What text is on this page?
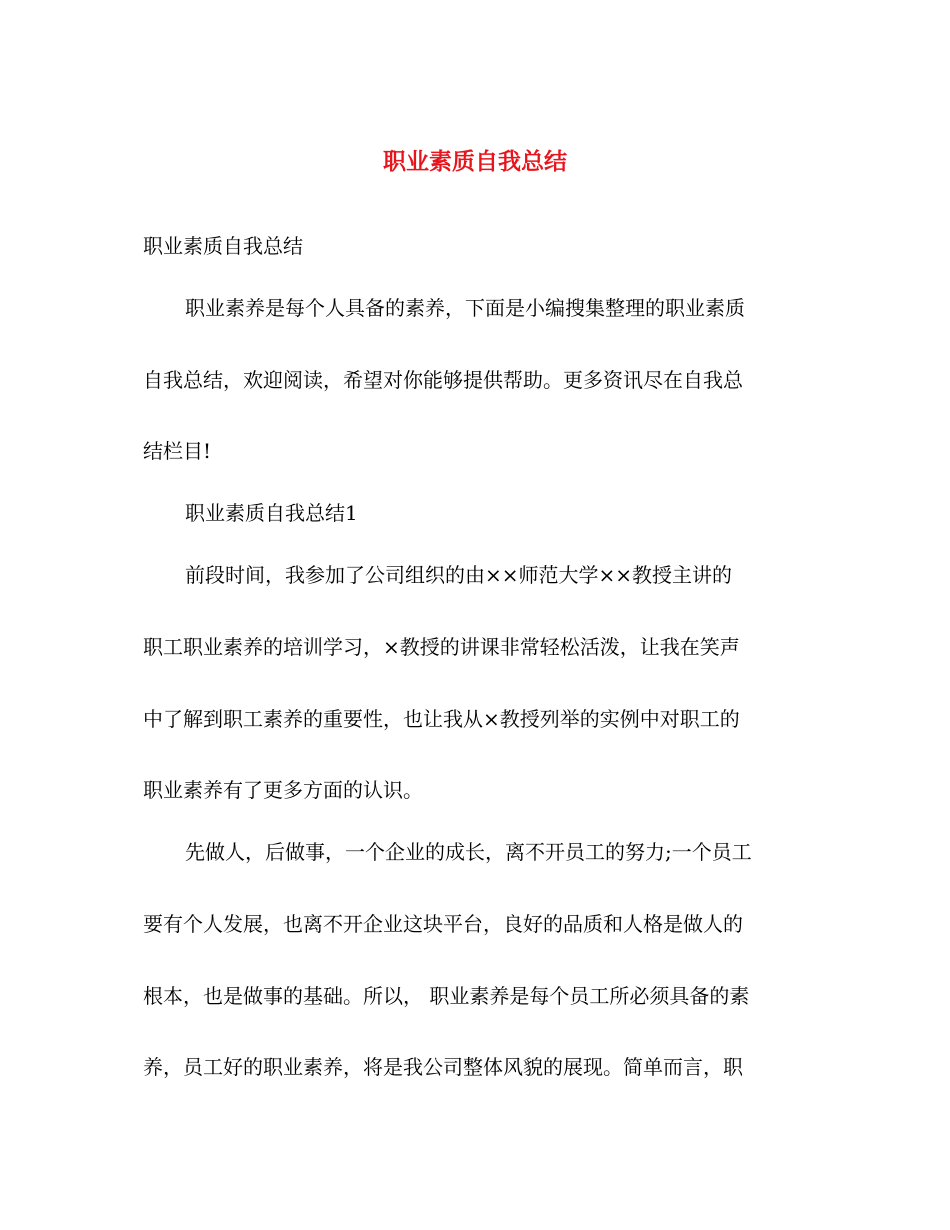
职业素质自我总结
职业素质自我总结
职业素养是每个人具备的素养，下面是小编搜集整理的职业素质
自我总结，欢迎阅读，希望对你能够提供帮助。更多资讯尽在自我总
结栏目!
职业素质自我总结1
前段时间，我参加了公司组织的由××师范大学××教授主讲的
职工职业素养的培训学习，×教授的讲课非常轻松活泼，让我在笑声
中了解到职工素养的重要性，也让我从×教授列举的实例中对职工的
职业素养有了更多方面的认识。
先做人，后做事，一个企业的成长，离不开员工的努力;一个员工
要有个人发展，也离不开企业这块平台，良好的品质和人格是做人的
根本，也是做事的基础。所以， 职业素养是每个员工所必须具备的素
养，员工好的职业素养，将是我公司整体风貌的展现。简单而言，职
